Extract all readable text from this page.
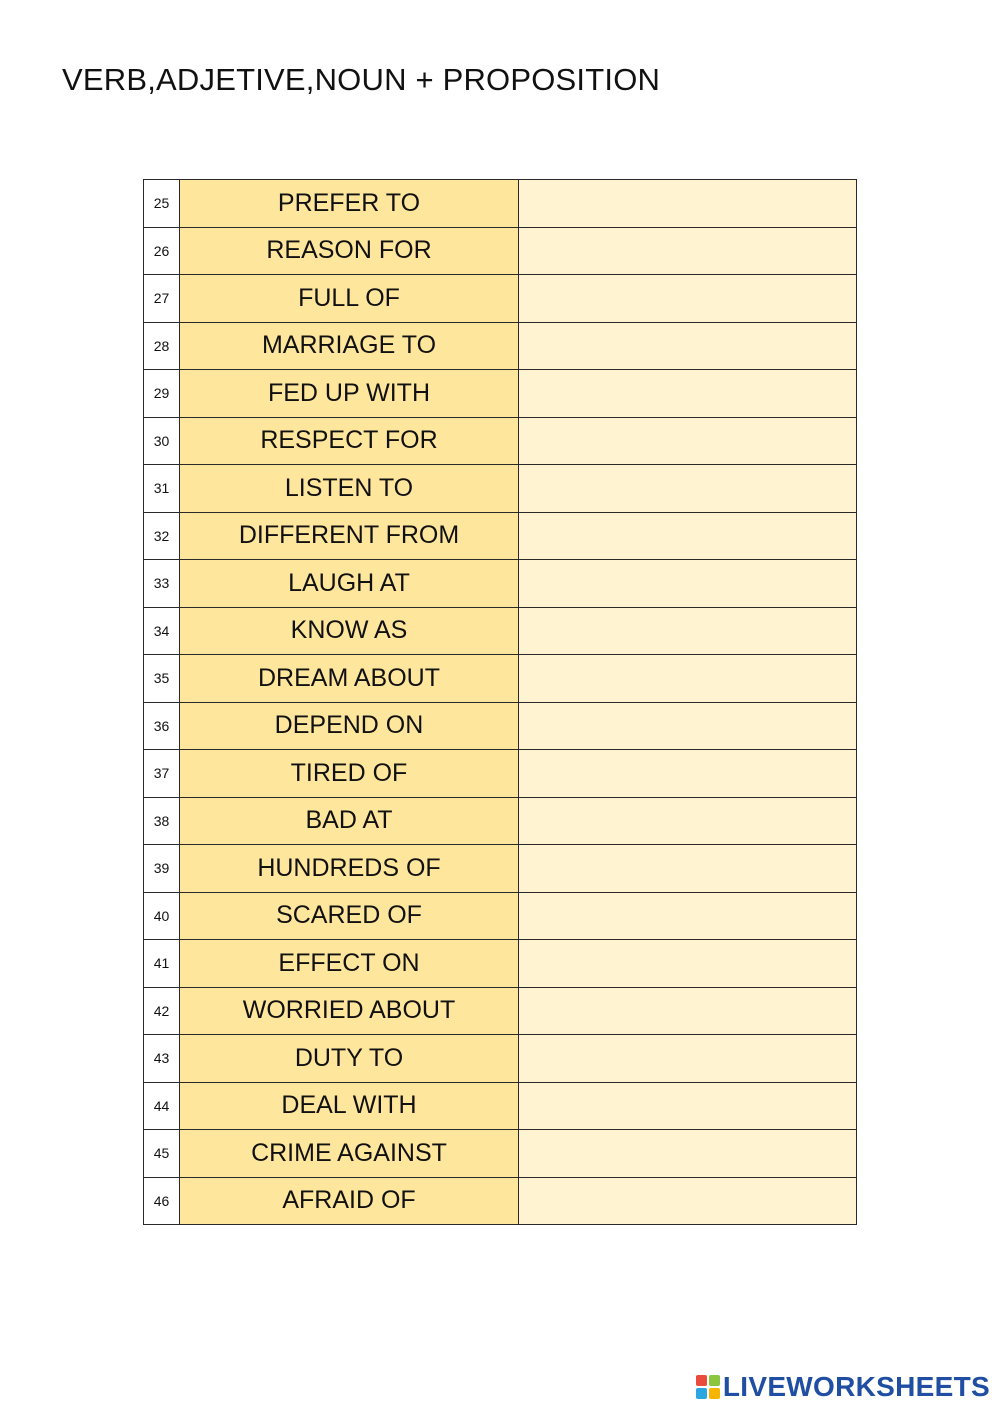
VERB,ADJETIVE,NOUN + PROPOSITION
25	PREFER TO	
26	REASON FOR	
27	FULL OF	
28	MARRIAGE TO	
29	FED UP WITH	
30	RESPECT FOR	
31	LISTEN TO	
32	DIFFERENT FROM	
33	LAUGH AT	
34	KNOW AS	
35	DREAM ABOUT	
36	DEPEND ON	
37	TIRED OF	
38	BAD AT	
39	HUNDREDS OF	
40	SCARED OF	
41	EFFECT ON	
42	WORRIED ABOUT	
43	DUTY TO	
44	DEAL WITH	
45	CRIME AGAINST	
46	AFRAID OF	
LIVEWORKSHEETS
